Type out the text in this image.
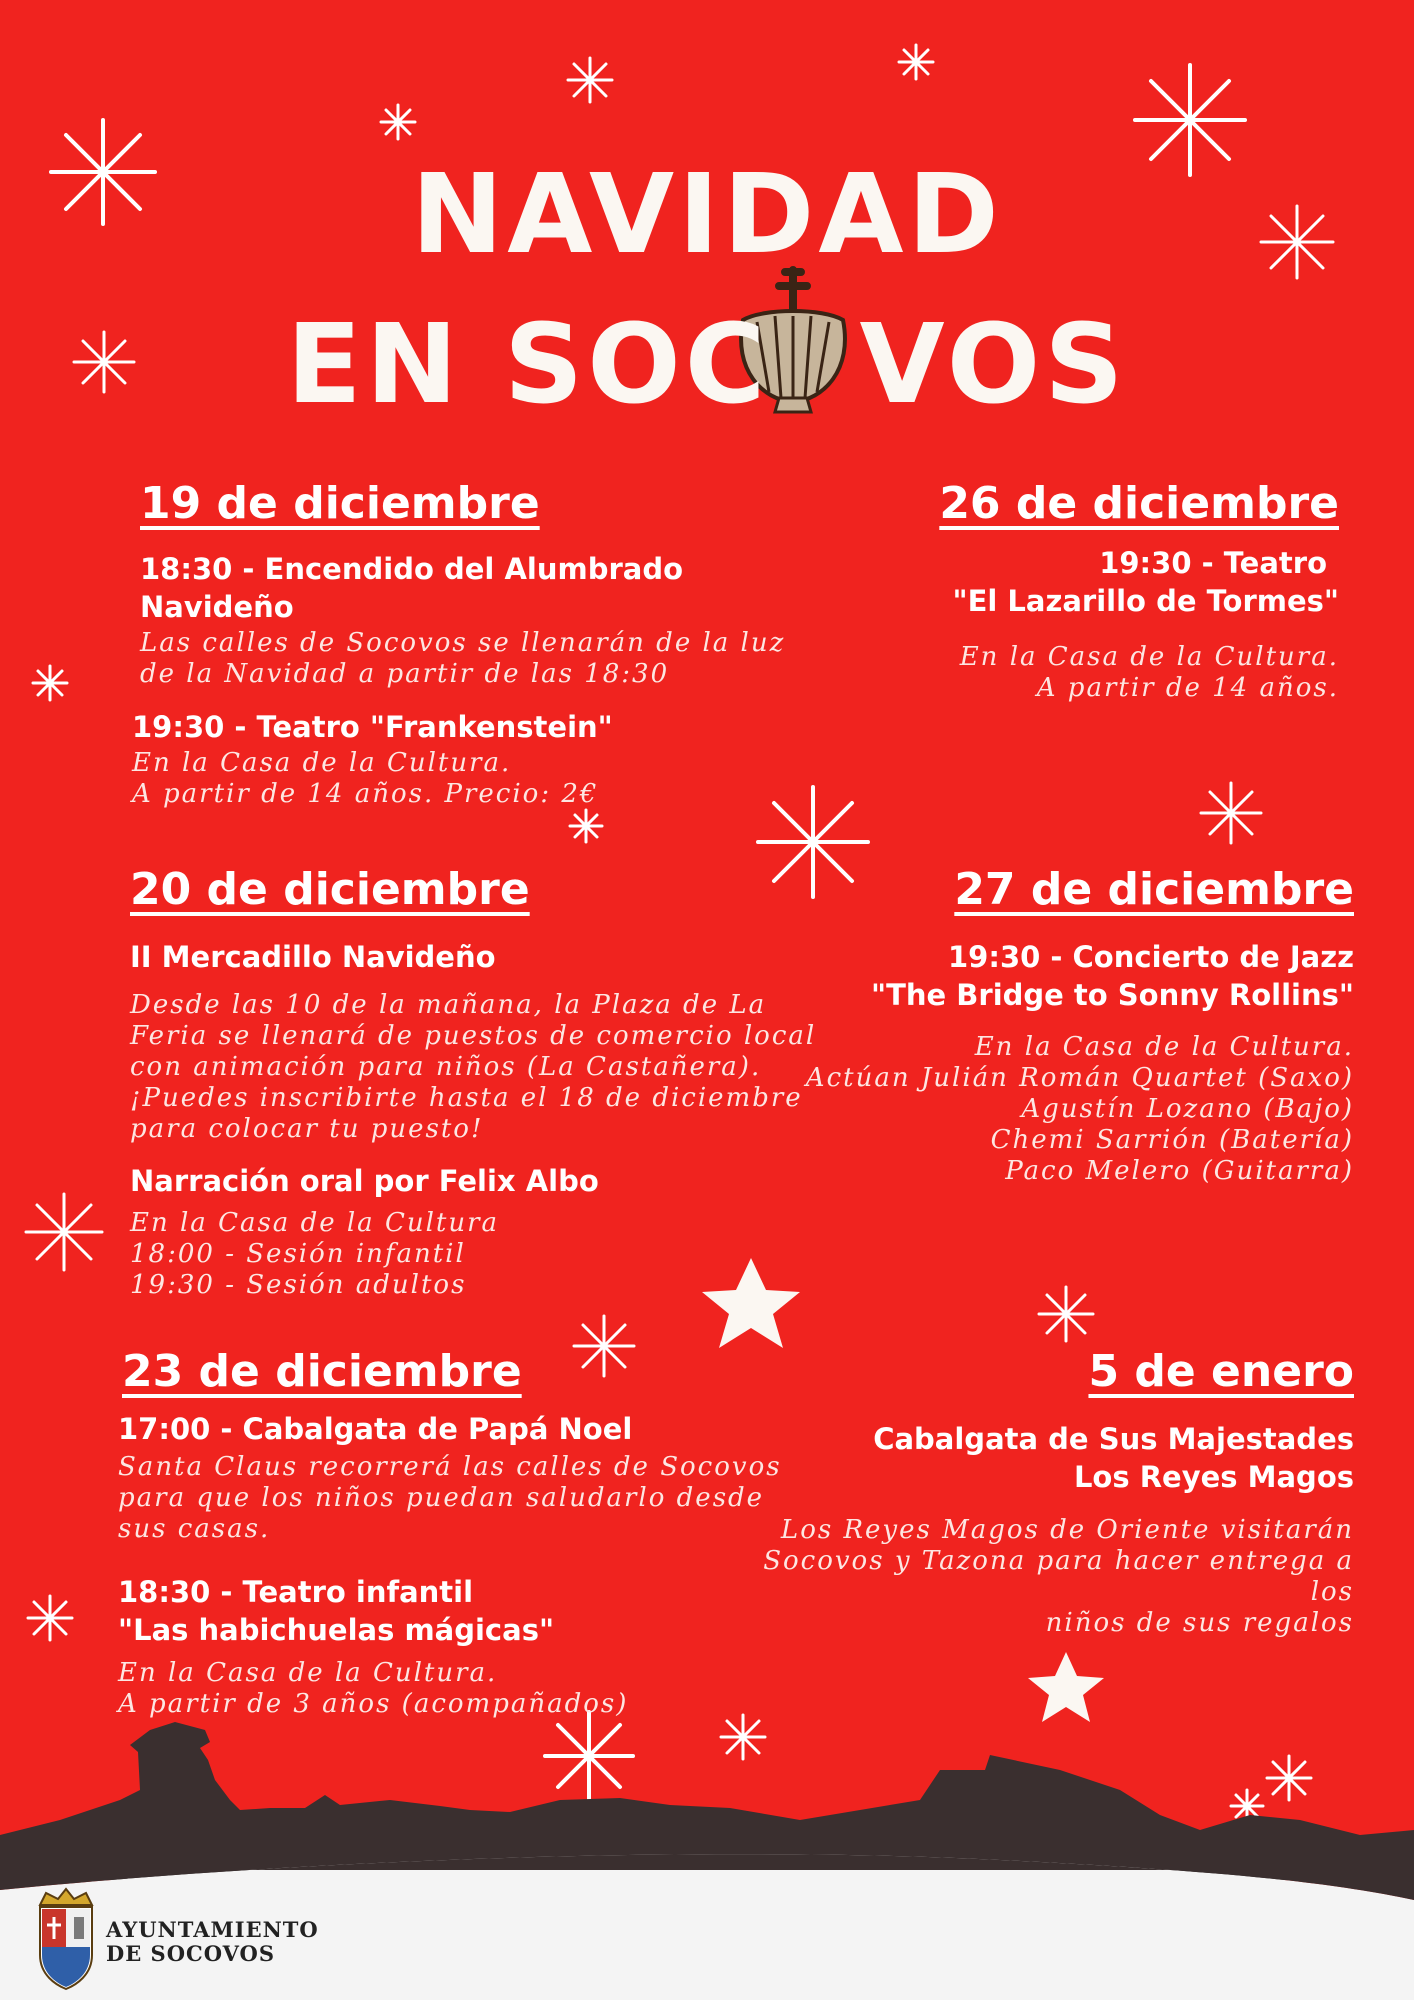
NAVIDAD
EN SOC VOS
19 de diciembre
18:30 - Encendido del Alumbrado
Navideño
Las calles de Socovos se llenarán de la luz
de la Navidad a partir de las 18:30
19:30 - Teatro "Frankenstein"
En la Casa de la Cultura.
A partir de 14 años. Precio: 2€
20 de diciembre
II Mercadillo Navideño
Desde las 10 de la mañana, la Plaza de La
Feria se llenará de puestos de comercio local
con animación para niños (La Castañera).
¡Puedes inscribirte hasta el 18 de diciembre
para colocar tu puesto!
Narración oral por Felix Albo
En la Casa de la Cultura
18:00 - Sesión infantil
19:30 - Sesión adultos
23 de diciembre
17:00 - Cabalgata de Papá Noel
Santa Claus recorrerá las calles de Socovos
para que los niños puedan saludarlo desde
sus casas.
18:30 - Teatro infantil
"Las habichuelas mágicas"
En la Casa de la Cultura.
A partir de 3 años (acompañados)
26 de diciembre
19:30 - Teatro
"El Lazarillo de Tormes"
En la Casa de la Cultura.
A partir de 14 años.
27 de diciembre
19:30 - Concierto de Jazz
"The Bridge to Sonny Rollins"
En la Casa de la Cultura.
Actúan Julián Román Quartet (Saxo)
Agustín Lozano (Bajo)
Chemi Sarrión (Batería)
Paco Melero (Guitarra)
5 de enero
Cabalgata de Sus Majestades
Los Reyes Magos
Los Reyes Magos de Oriente visitarán
Socovos y Tazona para hacer entrega a los
niños de sus regalos
AYUNTAMIENTO
DE SOCOVOS
